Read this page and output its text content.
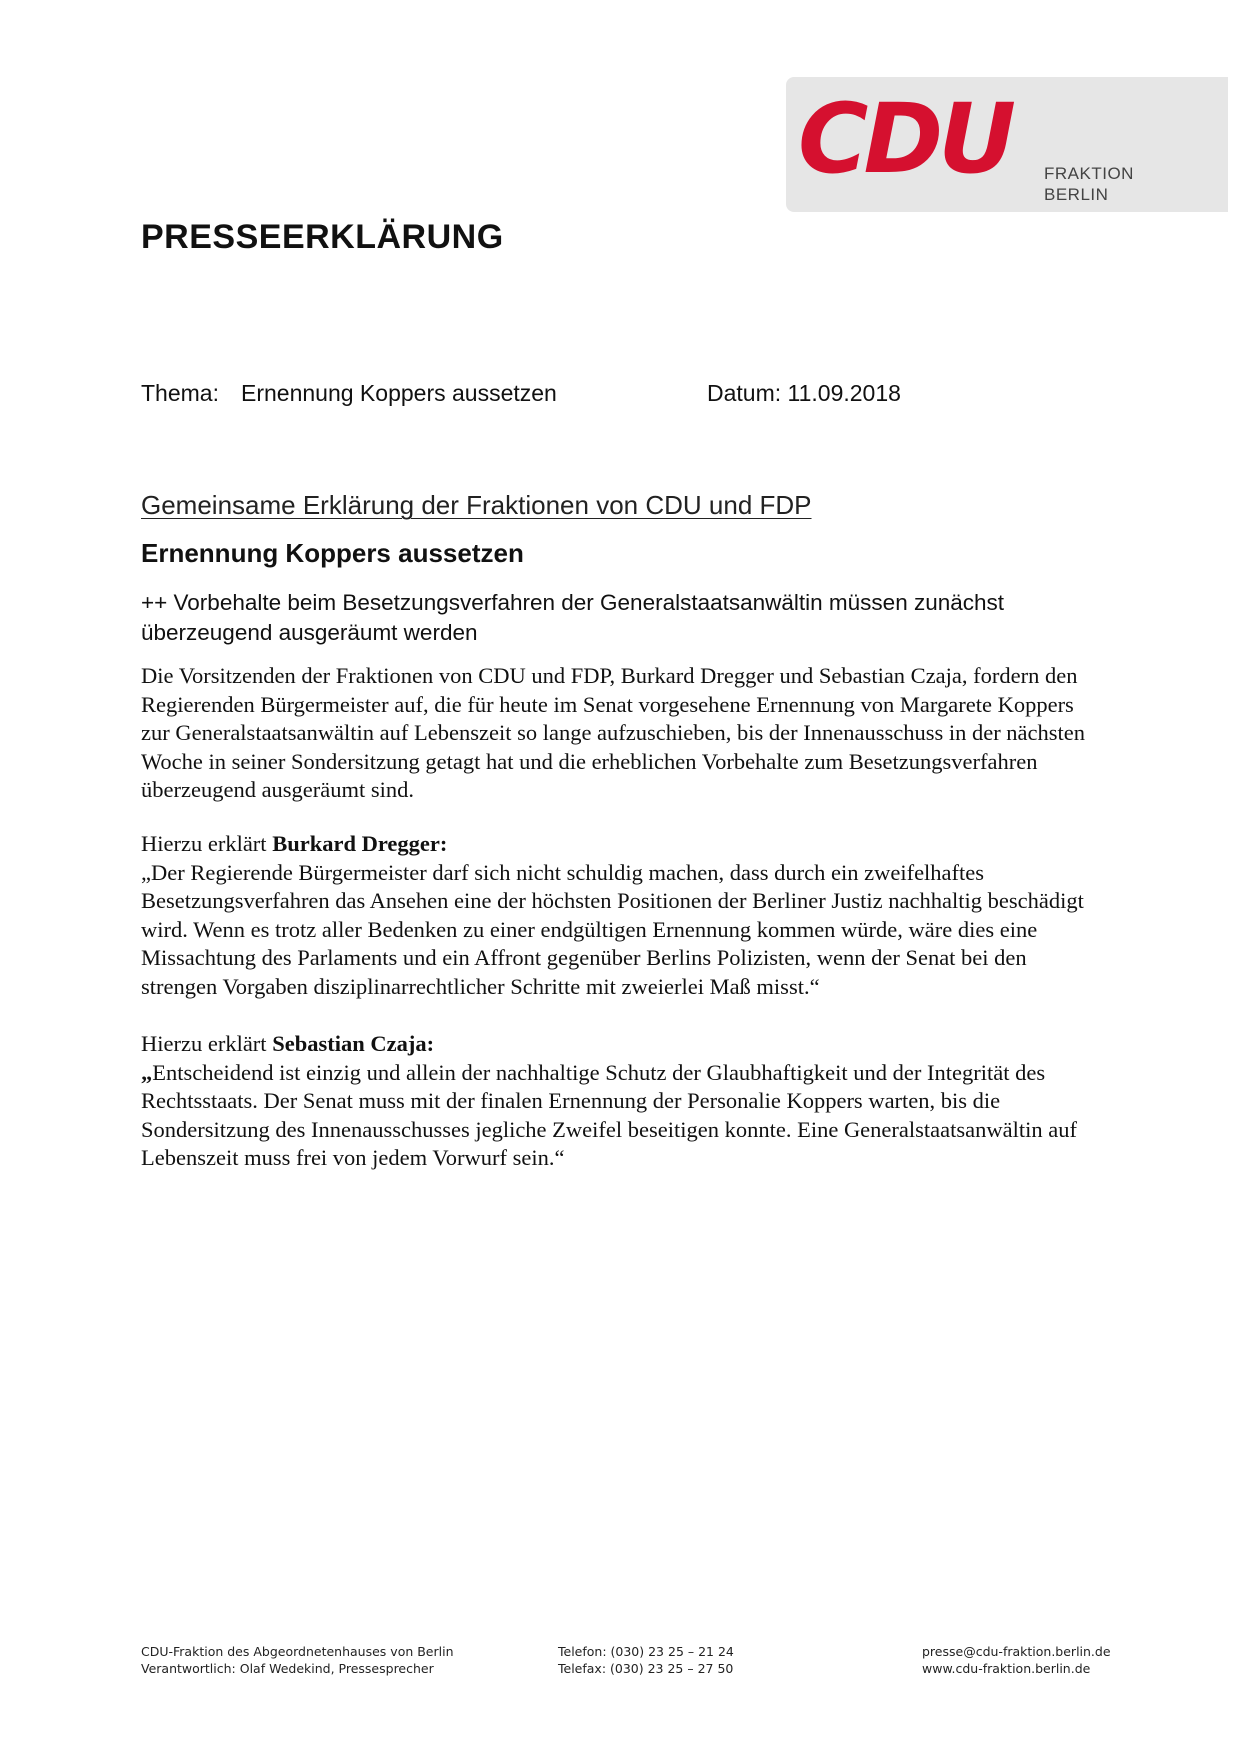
CDU FRAKTION
BERLIN
PRESSEERKLÄRUNG
Thema: Ernennung Koppers aussetzen	Datum: 11.09.2018
Gemeinsame Erklärung der Fraktionen von CDU und FDP
Ernennung Koppers aussetzen
++ Vorbehalte beim Besetzungsverfahren der Generalstaatsanwältin müssen zunächst überzeugend ausgeräumt werden

Die Vorsitzenden der Fraktionen von CDU und FDP, Burkard Dregger und Sebastian Czaja, fordern den Regierenden Bürgermeister auf, die für heute im Senat vorgesehene Ernennung von Margarete Koppers zur Generalstaatsanwältin auf Lebenszeit so lange aufzuschieben, bis der Innenausschuss in der nächsten Woche in seiner Sondersitzung getagt hat und die erheblichen Vorbehalte zum Besetzungsverfahren überzeugend ausgeräumt sind.

Hierzu erklärt Burkard Dregger:

„Der Regierende Bürgermeister darf sich nicht schuldig machen, dass durch ein zweifelhaftes Besetzungsverfahren das Ansehen eine der höchsten Positionen der Berliner Justiz nachhaltig beschädigt wird. Wenn es trotz aller Bedenken zu einer endgültigen Ernennung kommen würde, wäre dies eine Missachtung des Parlaments und ein Affront gegenüber Berlins Polizisten, wenn der Senat bei den strengen Vorgaben disziplinarrechtlicher Schritte mit zweierlei Maß misst.“

Hierzu erklärt Sebastian Czaja:

„Entscheidend ist einzig und allein der nachhaltige Schutz der Glaubhaftigkeit und der Integrität des Rechtsstaats. Der Senat muss mit der finalen Ernennung der Personalie Koppers warten, bis die Sondersitzung des Innenausschusses jegliche Zweifel beseitigen konnte. Eine Generalstaatsanwältin auf Lebenszeit muss frei von jedem Vorwurf sein.“

CDU-Fraktion des Abgeordnetenhauses von Berlin
Verantwortlich: Olaf Wedekind, Pressesprecher
Telefon: (030) 23 25 – 21 24
Telefax: (030) 23 25 – 27 50
presse@cdu-fraktion.berlin.de
www.cdu-fraktion.berlin.de
